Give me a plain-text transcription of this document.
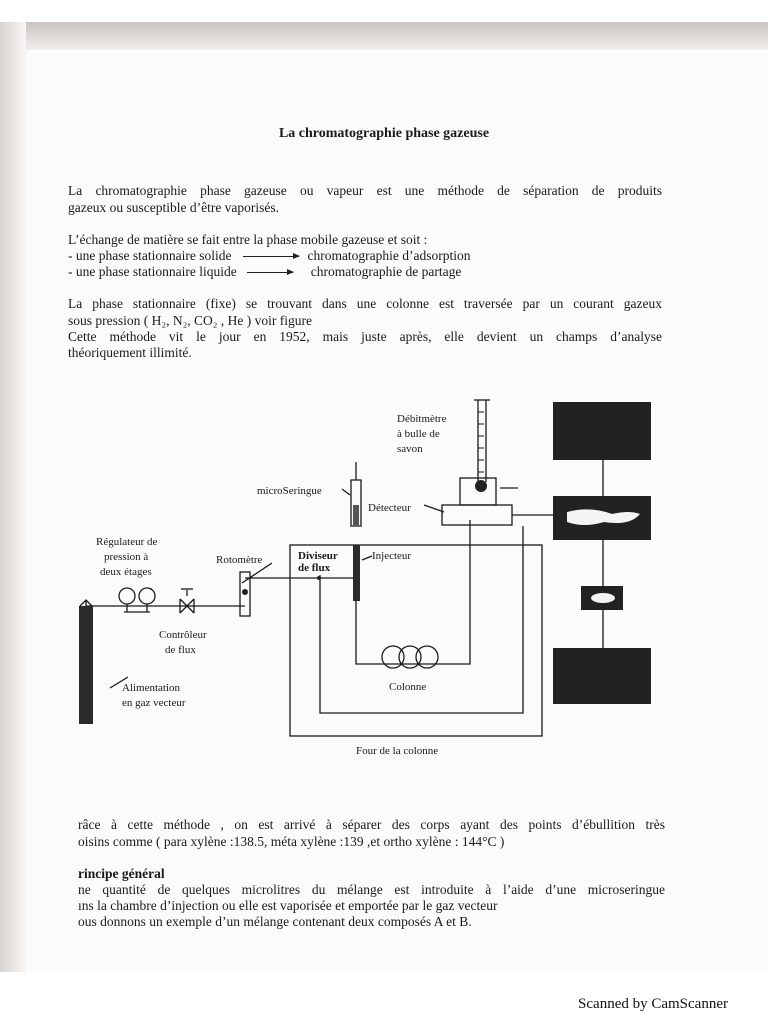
La chromatographie phase gazeuse
La chromatographie phase gazeuse ou vapeur est une méthode de séparation de produits
gazeux ou susceptible d’être vaporisés.
L’échange de matière se fait entre la phase mobile gazeuse et soit :
- une phase stationnaire solide	chromatographie d’adsorption
- une phase stationnaire liquide	chromatographie de partage
La phase stationnaire (fixe) se trouvant dans une colonne est traversée par un courant gazeux
sous pression ( H₂, N₂, CO₂ , He ) voir figure
Cette méthode vit le jour en 1952, mais juste après, elle devient un champs d’analyse
théoriquement illimité.
Débitmètre
à bulle de
savon
microSeringue
Détecteur
Régulateur de
pression à
deux étages
Rotomètre	Diviseur
de flux
Injecteur
Contrôleur
de flux
Colonne
Alimentation
en gaz vecteur
Four de la colonne
râce à cette méthode , on est arrivé à séparer des corps ayant des points d’ébullition très
oisins comme ( para xylène :138.5, méta xylène :139 ,et ortho xylène : 144°C )
rincipe général
ne quantité de quelques microlitres du mélange est introduite à l’aide d’une microseringue
ıns la chambre d’injection ou elle est vaporisée et emportée par le gaz vecteur
ous donnons un exemple d’un mélange contenant deux composés A et B.
Scanned by CamScanner
